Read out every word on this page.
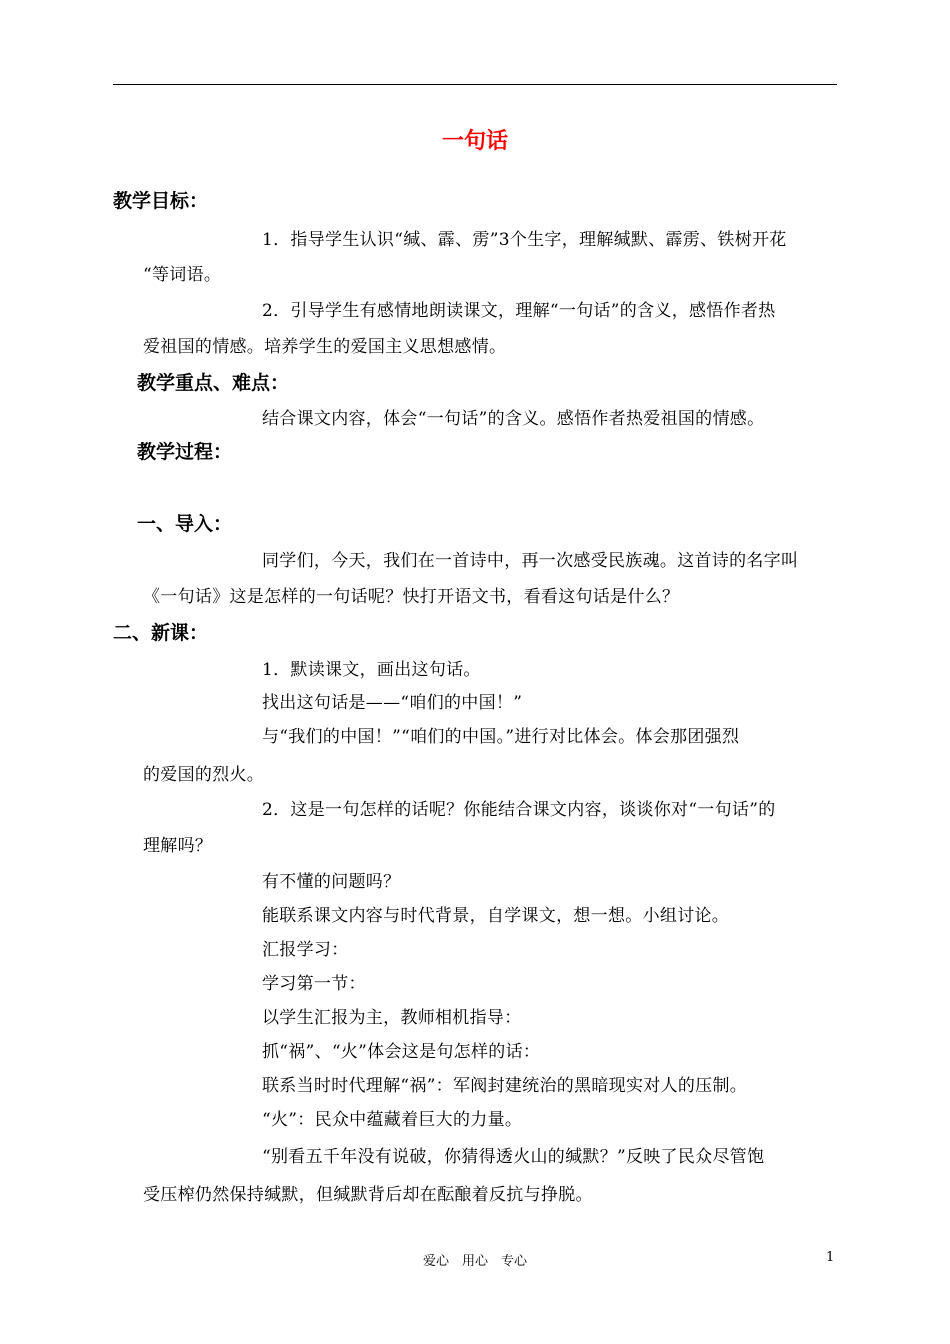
一句话
教学目标：
1．指导学生认识“缄、霹、雳”3个生字，理解缄默、霹雳、铁树开花
“等词语。
2．引导学生有感情地朗读课文，理解“一句话”的含义，感悟作者热
爱祖国的情感。培养学生的爱国主义思想感情。
教学重点、难点：
结合课文内容，体会“一句话”的含义。感悟作者热爱祖国的情感。
教学过程：
一、导入：
同学们，今天，我们在一首诗中，再一次感受民族魂。这首诗的名字叫
《一句话》这是怎样的一句话呢？快打开语文书，看看这句话是什么？
二、新课：
1．默读课文，画出这句话。
找出这句话是——“咱们的中国！”
与“我们的中国！”“咱们的中国。”进行对比体会。体会那团强烈
的爱国的烈火。
2．这是一句怎样的话呢？你能结合课文内容，谈谈你对“一句话”的
理解吗？
有不懂的问题吗？
能联系课文内容与时代背景，自学课文，想一想。小组讨论。
汇报学习：
学习第一节：
以学生汇报为主，教师相机指导：
抓“祸”、“火”体会这是句怎样的话：
联系当时时代理解“祸”：军阀封建统治的黑暗现实对人的压制。
“火”：民众中蕴藏着巨大的力量。
“别看五千年没有说破，你猜得透火山的缄默？”反映了民众尽管饱
受压榨仍然保持缄默，但缄默背后却在酝酿着反抗与挣脱。
爱心　用心　专心	1
